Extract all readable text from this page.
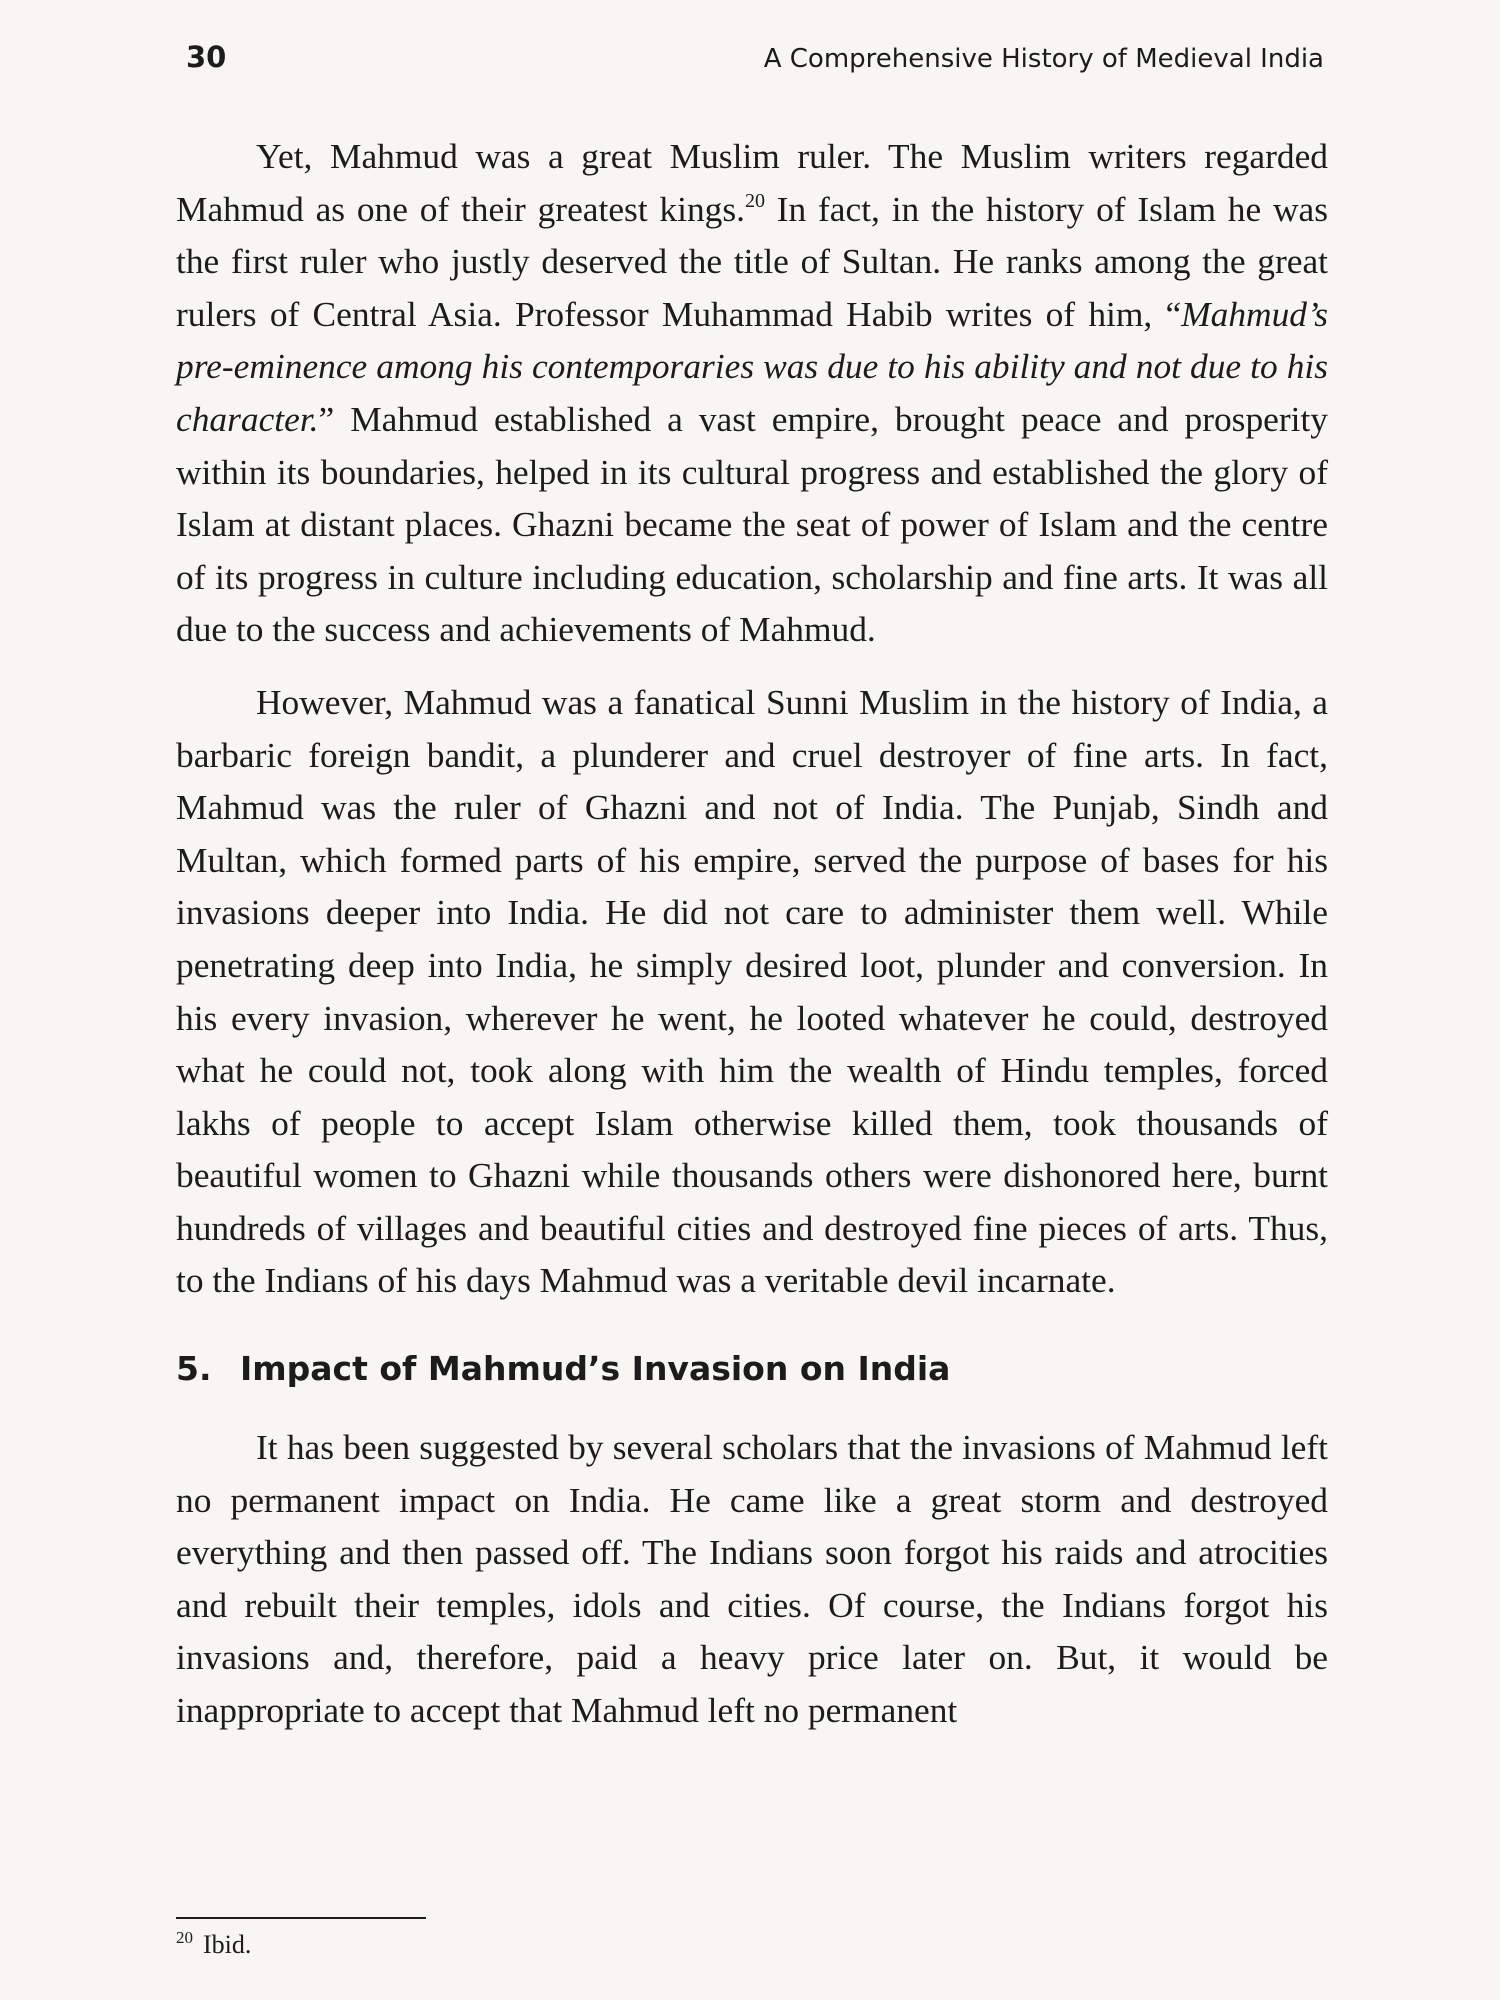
30	A Comprehensive History of Medieval India

Yet, Mahmud was a great Muslim ruler. The Muslim writers regarded Mahmud as one of their greatest kings.$^{20}$ In fact, in the history of Islam he was the first ruler who justly deserved the title of Sultan. He ranks among the great rulers of Central Asia. Professor Muhammad Habib writes of him, “Mahmud’s pre-eminence among his contemporaries was due to his ability and not due to his character.” Mahmud established a vast empire, brought peace and prosperity within its boundaries, helped in its cultural progress and established the glory of Islam at distant places. Ghazni became the seat of power of Islam and the centre of its progress in culture including education, scholarship and fine arts. It was all due to the success and achievements of Mahmud.

However, Mahmud was a fanatical Sunni Muslim in the history of India, a barbaric foreign bandit, a plunderer and cruel destroyer of fine arts. In fact, Mahmud was the ruler of Ghazni and not of India. The Punjab, Sindh and Multan, which formed parts of his empire, served the purpose of bases for his invasions deeper into India. He did not care to administer them well. While penetrating deep into India, he simply desired loot, plunder and conversion. In his every invasion, wherever he went, he looted whatever he could, destroyed what he could not, took along with him the wealth of Hindu temples, forced lakhs of people to accept Islam otherwise killed them, took thousands of beautiful women to Ghazni while thousands others were dishonored here, burnt hundreds of villages and beautiful cities and destroyed fine pieces of arts. Thus, to the Indians of his days Mahmud was a veritable devil incarnate.

5. Impact of Mahmud’s Invasion on India

It has been suggested by several scholars that the invasions of Mahmud left no permanent impact on India. He came like a great storm and destroyed everything and then passed off. The Indians soon forgot his raids and atrocities and rebuilt their temples, idols and cities. Of course, the Indians forgot his invasions and, therefore, paid a heavy price later on. But, it would be inappropriate to accept that Mahmud left no permanent

$^{20}$ Ibid.
